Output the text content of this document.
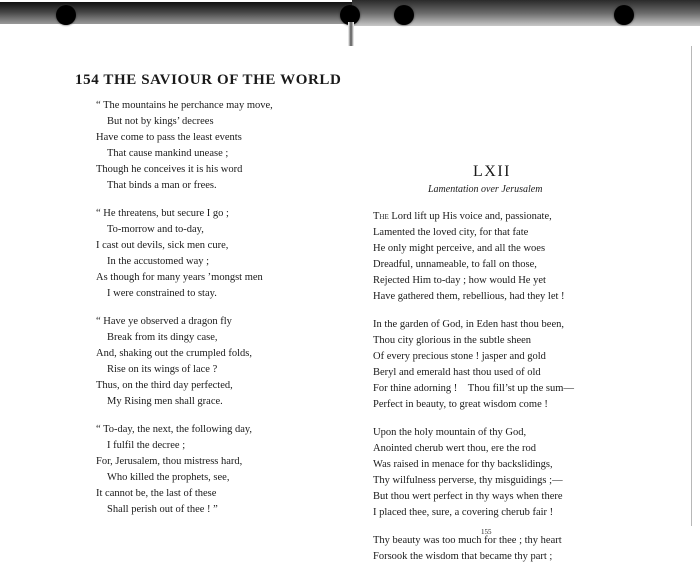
154 THE SAVIOUR OF THE WORLD
“ The mountains he perchance may move,
But not by kings’ decrees
Have come to pass the least events
That cause mankind unease ;
Though he conceives it is his word
That binds a man or frees.
“ He threatens, but secure I go ;
To-morrow and to-day,
I cast out devils, sick men cure,
In the accustomed way ;
As though for many years ’mongst men
I were constrained to stay.
“ Have ye observed a dragon fly
Break from its dingy case,
And, shaking out the crumpled folds,
Rise on its wings of lace ?
Thus, on the third day perfected,
My Rising men shall grace.
“ To-day, the next, the following day,
I fulfil the decree ;
For, Jerusalem, thou mistress hard,
Who killed the prophets, see,
It cannot be, the last of these
Shall perish out of thee ! ”
LXII
Lamentation over Jerusalem
The Lord lift up His voice and, passionate,
Lamented the loved city, for that fate
He only might perceive, and all the woes
Dreadful, unnameable, to fall on those,
Rejected Him to-day ; how would He yet
Have gathered them, rebellious, had they let !
In the garden of God, in Eden hast thou been,
Thou city glorious in the subtle sheen
Of every precious stone ! jasper and gold
Beryl and emerald hast thou used of old
For thine adorning ! Thou fill’st up the sum—
Perfect in beauty, to great wisdom come !
Upon the holy mountain of thy God,
Anointed cherub wert thou, ere the rod
Was raised in menace for thy backslidings,
Thy wilfulness perverse, thy misguidings ;—
But thou wert perfect in thy ways when there
I placed thee, sure, a covering cherub fair !
Thy beauty was too much for thee ; thy heart
Forsook the wisdom that became thy part ;
155
